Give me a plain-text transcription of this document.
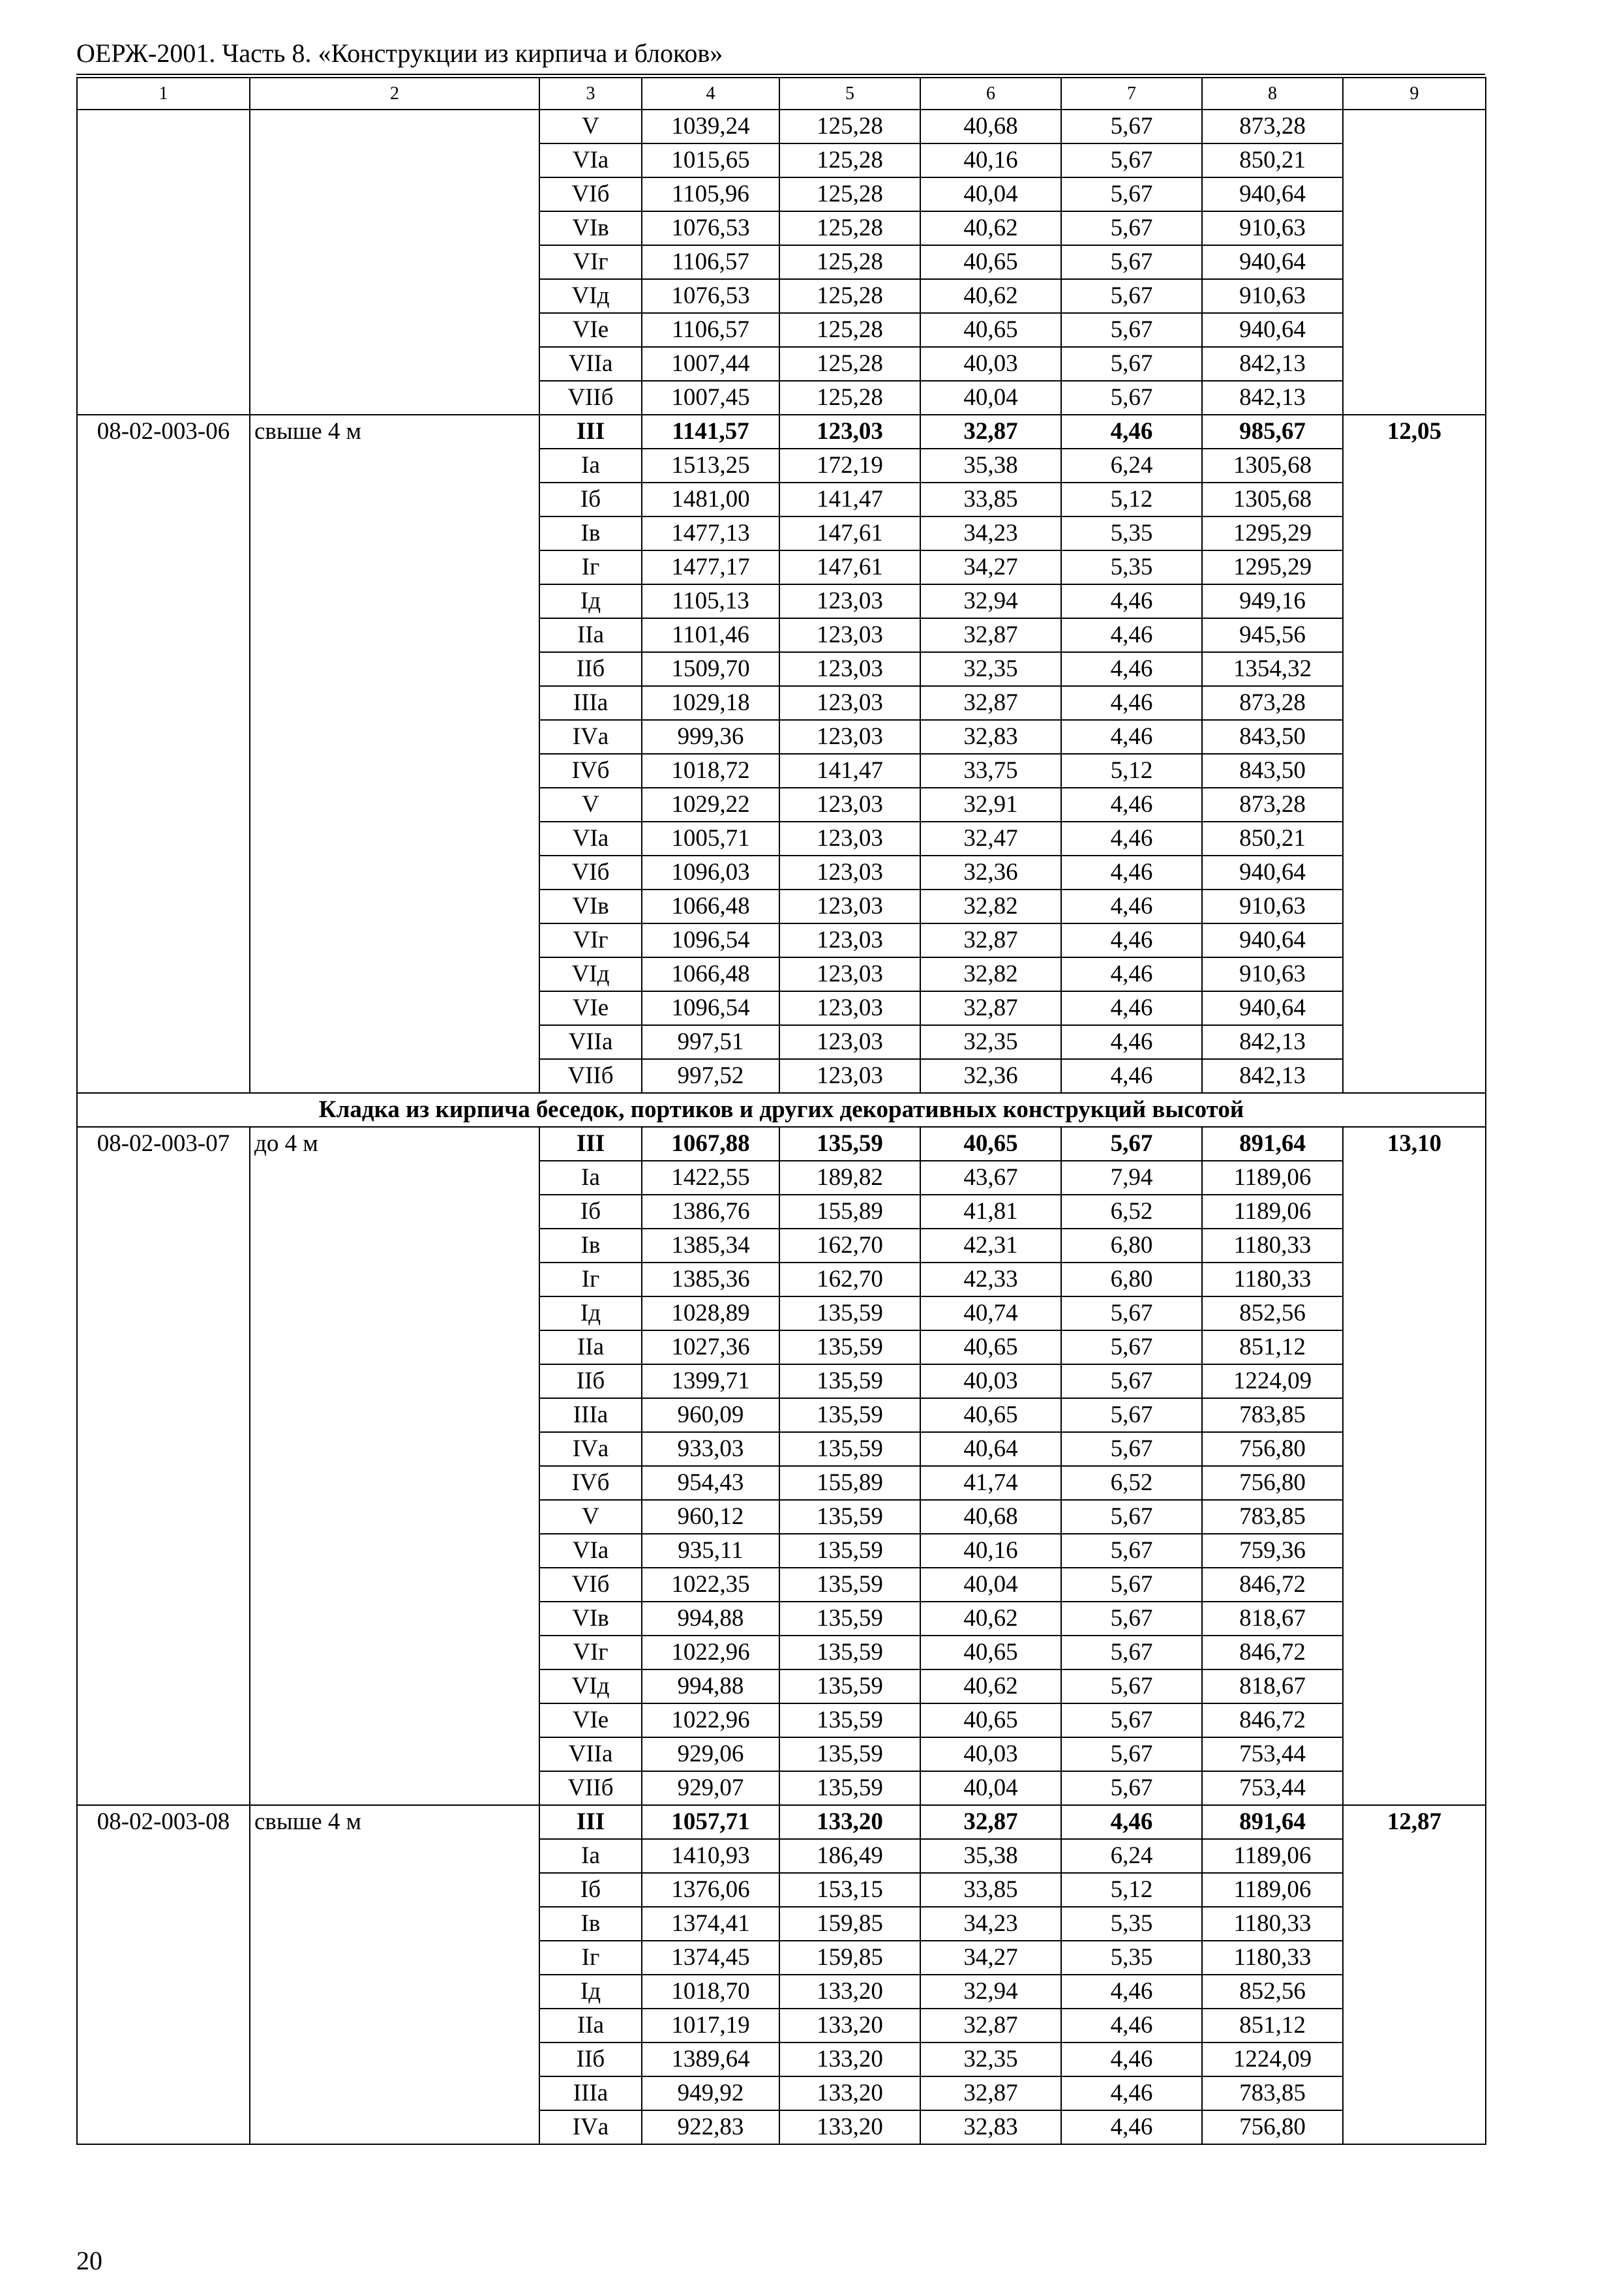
ОЕРЖ-2001. Часть 8. «Конструкции из кирпича и блоков»
1	2	3	4	5	6	7	8	9
		V	1039,24	125,28	40,68	5,67	873,28	
		VIа	1015,65	125,28	40,16	5,67	850,21	
		VIб	1105,96	125,28	40,04	5,67	940,64	
		VIв	1076,53	125,28	40,62	5,67	910,63	
		VIг	1106,57	125,28	40,65	5,67	940,64	
		VIд	1076,53	125,28	40,62	5,67	910,63	
		VIе	1106,57	125,28	40,65	5,67	940,64	
		VIIа	1007,44	125,28	40,03	5,67	842,13	
		VIIб	1007,45	125,28	40,04	5,67	842,13	
08-02-003-06	свыше 4 м	III	1141,57	123,03	32,87	4,46	985,67	12,05
		Iа	1513,25	172,19	35,38	6,24	1305,68	
		Iб	1481,00	141,47	33,85	5,12	1305,68	
		Iв	1477,13	147,61	34,23	5,35	1295,29	
		Iг	1477,17	147,61	34,27	5,35	1295,29	
		Iд	1105,13	123,03	32,94	4,46	949,16	
		IIа	1101,46	123,03	32,87	4,46	945,56	
		IIб	1509,70	123,03	32,35	4,46	1354,32	
		IIIа	1029,18	123,03	32,87	4,46	873,28	
		IVа	999,36	123,03	32,83	4,46	843,50	
		IVб	1018,72	141,47	33,75	5,12	843,50	
		V	1029,22	123,03	32,91	4,46	873,28	
		VIа	1005,71	123,03	32,47	4,46	850,21	
		VIб	1096,03	123,03	32,36	4,46	940,64	
		VIв	1066,48	123,03	32,82	4,46	910,63	
		VIг	1096,54	123,03	32,87	4,46	940,64	
		VIд	1066,48	123,03	32,82	4,46	910,63	
		VIе	1096,54	123,03	32,87	4,46	940,64	
		VIIа	997,51	123,03	32,35	4,46	842,13	
		VIIб	997,52	123,03	32,36	4,46	842,13	
Кладка из кирпича беседок, портиков и других декоративных конструкций высотой								
08-02-003-07	до 4 м	III	1067,88	135,59	40,65	5,67	891,64	13,10
		Iа	1422,55	189,82	43,67	7,94	1189,06	
		Iб	1386,76	155,89	41,81	6,52	1189,06	
		Iв	1385,34	162,70	42,31	6,80	1180,33	
		Iг	1385,36	162,70	42,33	6,80	1180,33	
		Iд	1028,89	135,59	40,74	5,67	852,56	
		IIа	1027,36	135,59	40,65	5,67	851,12	
		IIб	1399,71	135,59	40,03	5,67	1224,09	
		IIIа	960,09	135,59	40,65	5,67	783,85	
		IVа	933,03	135,59	40,64	5,67	756,80	
		IVб	954,43	155,89	41,74	6,52	756,80	
		V	960,12	135,59	40,68	5,67	783,85	
		VIа	935,11	135,59	40,16	5,67	759,36	
		VIб	1022,35	135,59	40,04	5,67	846,72	
		VIв	994,88	135,59	40,62	5,67	818,67	
		VIг	1022,96	135,59	40,65	5,67	846,72	
		VIд	994,88	135,59	40,62	5,67	818,67	
		VIе	1022,96	135,59	40,65	5,67	846,72	
		VIIа	929,06	135,59	40,03	5,67	753,44	
		VIIб	929,07	135,59	40,04	5,67	753,44	
08-02-003-08	свыше 4 м	III	1057,71	133,20	32,87	4,46	891,64	12,87
		Iа	1410,93	186,49	35,38	6,24	1189,06	
		Iб	1376,06	153,15	33,85	5,12	1189,06	
		Iв	1374,41	159,85	34,23	5,35	1180,33	
		Iг	1374,45	159,85	34,27	5,35	1180,33	
		Iд	1018,70	133,20	32,94	4,46	852,56	
		IIа	1017,19	133,20	32,87	4,46	851,12	
		IIб	1389,64	133,20	32,35	4,46	1224,09	
		IIIа	949,92	133,20	32,87	4,46	783,85	
		IVа	922,83	133,20	32,83	4,46	756,80	
20
